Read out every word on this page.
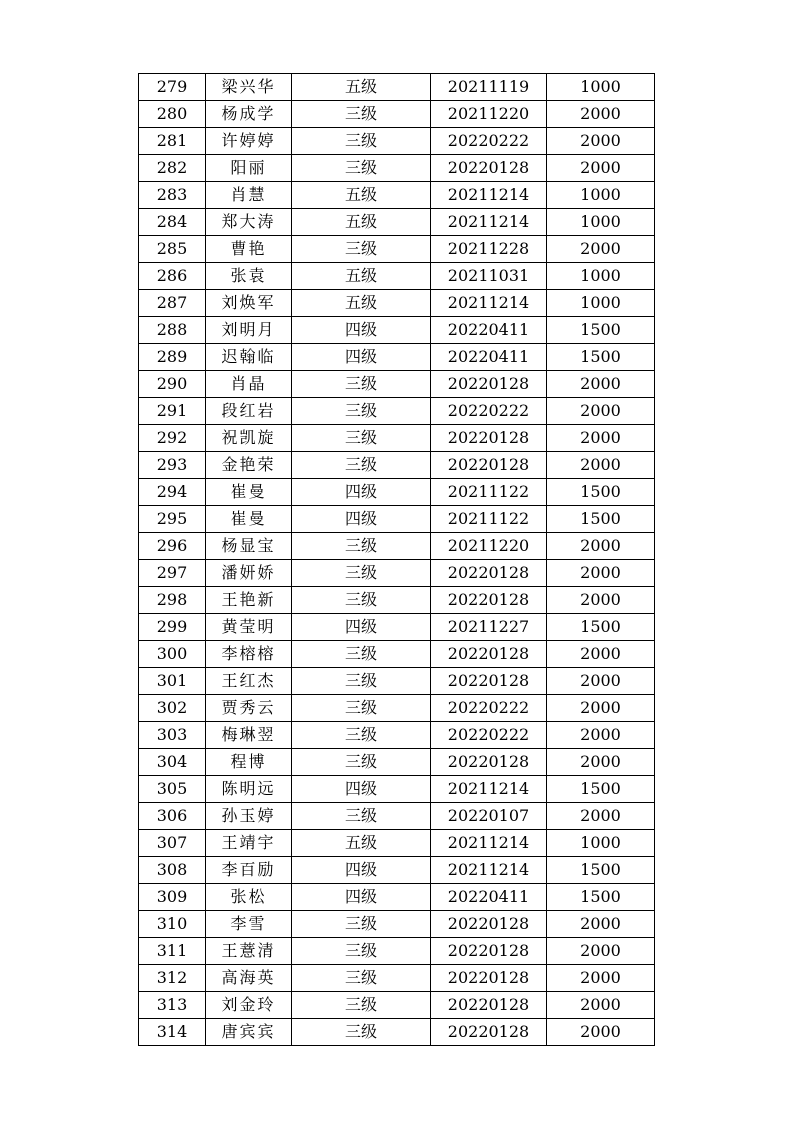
279	梁兴华	五级	20211119	1000
280	杨成学	三级	20211220	2000
281	许婷婷	三级	20220222	2000
282	阳丽	三级	20220128	2000
283	肖慧	五级	20211214	1000
284	郑大涛	五级	20211214	1000
285	曹艳	三级	20211228	2000
286	张袁	五级	20211031	1000
287	刘焕军	五级	20211214	1000
288	刘明月	四级	20220411	1500
289	迟翰临	四级	20220411	1500
290	肖晶	三级	20220128	2000
291	段红岩	三级	20220222	2000
292	祝凯旋	三级	20220128	2000
293	金艳荣	三级	20220128	2000
294	崔曼	四级	20211122	1500
295	崔曼	四级	20211122	1500
296	杨显宝	三级	20211220	2000
297	潘妍娇	三级	20220128	2000
298	王艳新	三级	20220128	2000
299	黄莹明	四级	20211227	1500
300	李榕榕	三级	20220128	2000
301	王红杰	三级	20220128	2000
302	贾秀云	三级	20220222	2000
303	梅琳翌	三级	20220222	2000
304	程博	三级	20220128	2000
305	陈明远	四级	20211214	1500
306	孙玉婷	三级	20220107	2000
307	王靖宇	五级	20211214	1000
308	李百励	四级	20211214	1500
309	张松	四级	20220411	1500
310	李雪	三级	20220128	2000
311	王薏清	三级	20220128	2000
312	高海英	三级	20220128	2000
313	刘金玲	三级	20220128	2000
314	唐宾宾	三级	20220128	2000
